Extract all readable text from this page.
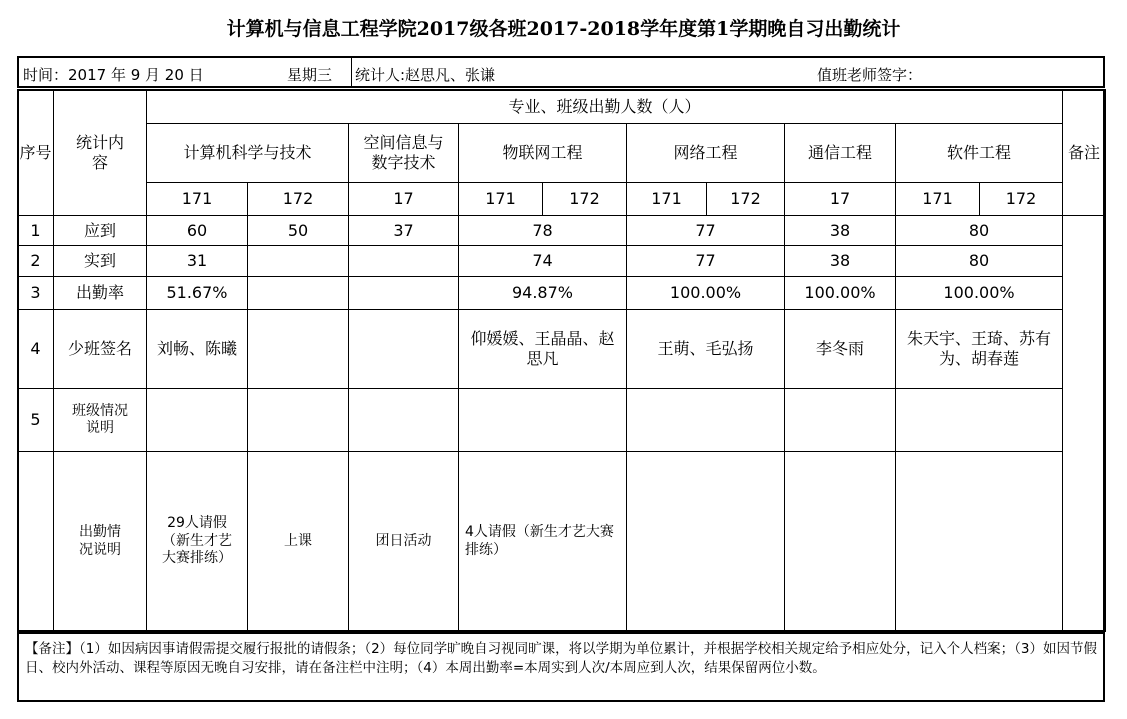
计算机与信息工程学院2017级各班2017-2018学年度第1学期晚自习出勤统计
时间：2017 年 9 月 20 日	星期三 统计人:赵思凡、张谦	值班老师签字：
序号	统计内容	专业、班级出勤人数（人）										备注
		计算机科学与技术		空间信息与数字技术	物联网工程		网络工程		通信工程	软件工程		
		171	172	17	171	172	171	172	17	171	172	
1	应到	60	50	37	78		77		38	80		
2	实到	31			74		77		38	80		
3	出勤率	51.67%			94.87%		100.00%		100.00%	100.00%		
4	少班签名	刘畅、陈曦			仰媛媛、王晶晶、赵思凡		王萌、毛弘扬		李冬雨	朱天宇、王琦、苏有为、胡春莲		
5	班级情况说明											
	出勤情况说明	29人请假（新生才艺大赛排练）	上课	团日活动	4人请假（新生才艺大赛排练）							
【备注】（1）如因病因事请假需提交履行报批的请假条；（2）每位同学旷晚自习视同旷课，将以学期为单位累计，并根据学校相关规定给予相应处分，记入个人档案；（3）如因节假日、校内外活动、课程等原因无晚自习安排，请在备注栏中注明；（4）本周出勤率=本周实到人次/本周应到人次，结果保留两位小数。
